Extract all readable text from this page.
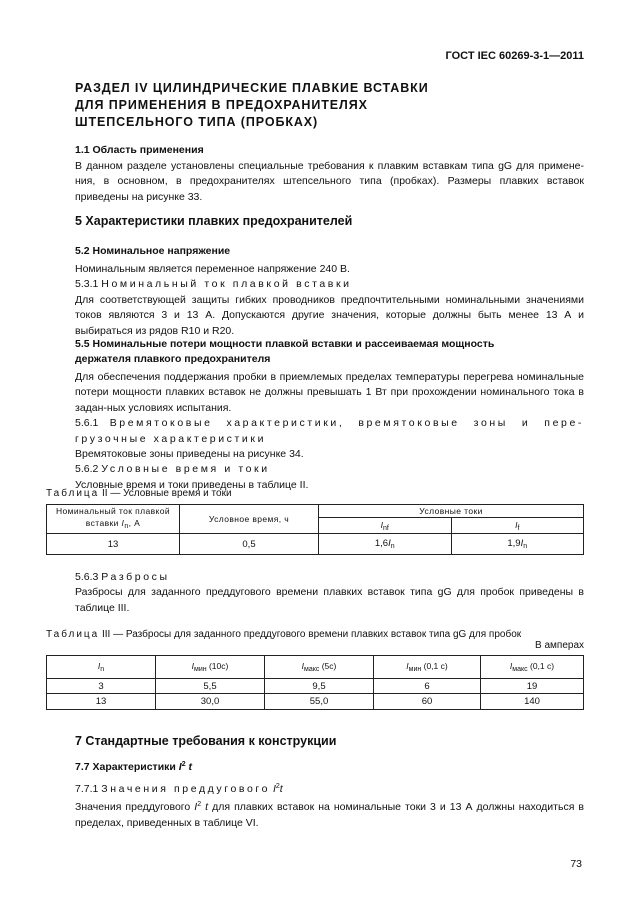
ГОСТ IEC 60269-3-1—2011
РАЗДЕЛ IV ЦИЛИНДРИЧЕСКИЕ ПЛАВКИЕ ВСТАВКИ
ДЛЯ ПРИМЕНЕНИЯ В ПРЕДОХРАНИТЕЛЯХ
ШТЕПСЕЛЬНОГО ТИПА (ПРОБКАХ)
1.1 Область применения
В данном разделе установлены специальные требования к плавким вставкам типа gG для примене-ния, в основном, в предохранителях штепсельного типа (пробках). Размеры плавких вставок приведены на рисунке 33.
5 Характеристики плавких предохранителей
5.2 Номинальное напряжение
Номинальным является переменное напряжение 240 В.
5.3.1 Номинальный ток плавкой вставки
Для соответствующей защиты гибких проводников предпочтительными номинальными значениями токов являются 3 и 13 А. Допускаются другие значения, которые должны быть менее 13 А и выбираться из рядов R10 и R20.
5.5 Номинальные потери мощности плавкой вставки и рассеиваемая мощность
держателя плавкого предохранителя
Для обеспечения поддержания пробки в приемлемых пределах температуры перегрева номинальные потери мощности плавких вставок не должны превышать 1 Вт при прохождении номинального тока в задан-ных условиях испытания.
5.6.1 Времятоковые характеристики, времятоковые зоны и пере-грузочные характеристики
Времятоковые зоны приведены на рисунке 34.
5.6.2 Условные время и токи
Условные время и токи приведены в таблице II.
Таблица II — Условные время и токи
Номинальный ток плавкой вставки $I_n$, А	Условное время, ч	Условные токи	
		$I_{nf}$	$I_f$
13	0,5	$1,6I_n$	$1,9I_n$
5.6.3 Разбросы
Разбросы для заданного преддугового времени плавких вставок типа gG для пробок приведены в таблице III.
Таблица III — Разбросы для заданного преддугового времени плавких вставок типа gG для пробок
В амперах
$I_n$	$I_{мин}$ (10с)	$I_{макс}$ (5с)	$I_{мин}$ (0,1 с)	$I_{макс}$ (0,1 с)
3	5,5	9,5	6	19
13	30,0	55,0	60	140
7 Стандартные требования к конструкции
7.7 Характеристики $I^2$ t
7.7.1 Значения преддугового $I^2t$
Значения преддугового $I^2$ t для плавких вставок на номинальные токи 3 и 13 А должны находиться в пределах, приведенных в таблице VI.
73
